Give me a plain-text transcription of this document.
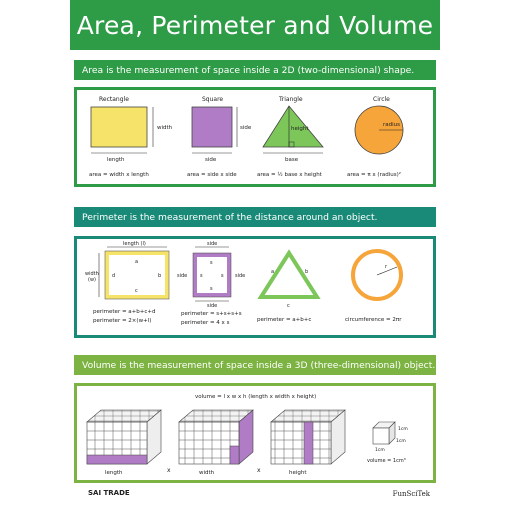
Area, Perimeter and Volume
Area is the measurement of space inside a 2D (two-dimensional) shape.
Rectangle
width
length
area = width x length
Square
side
side
area = side x side
Triangle
height
base
area = ½ base x height
Circle
radius
area = π x (radius)²
Perimeter is the measurement of the distance around an object.
length (l)
width
(w)
a
b
c
d
perimeter = a+b+c+d
perimeter = 2×(w+l)
side
side	side
s
s	s
s
side
perimeter = s+s+s+s
perimeter = 4 x s
a	b
c
perimeter = a+b+c
r
circumference = 2πr
Volume is the measurement of space inside a 3D (three-dimensional) object.
volume = l x w x h (length x width x height)
length	x	width	x	height
1cm
1cm
1cm
volume = 1cm³
SAI TRADE	FunSciTek
